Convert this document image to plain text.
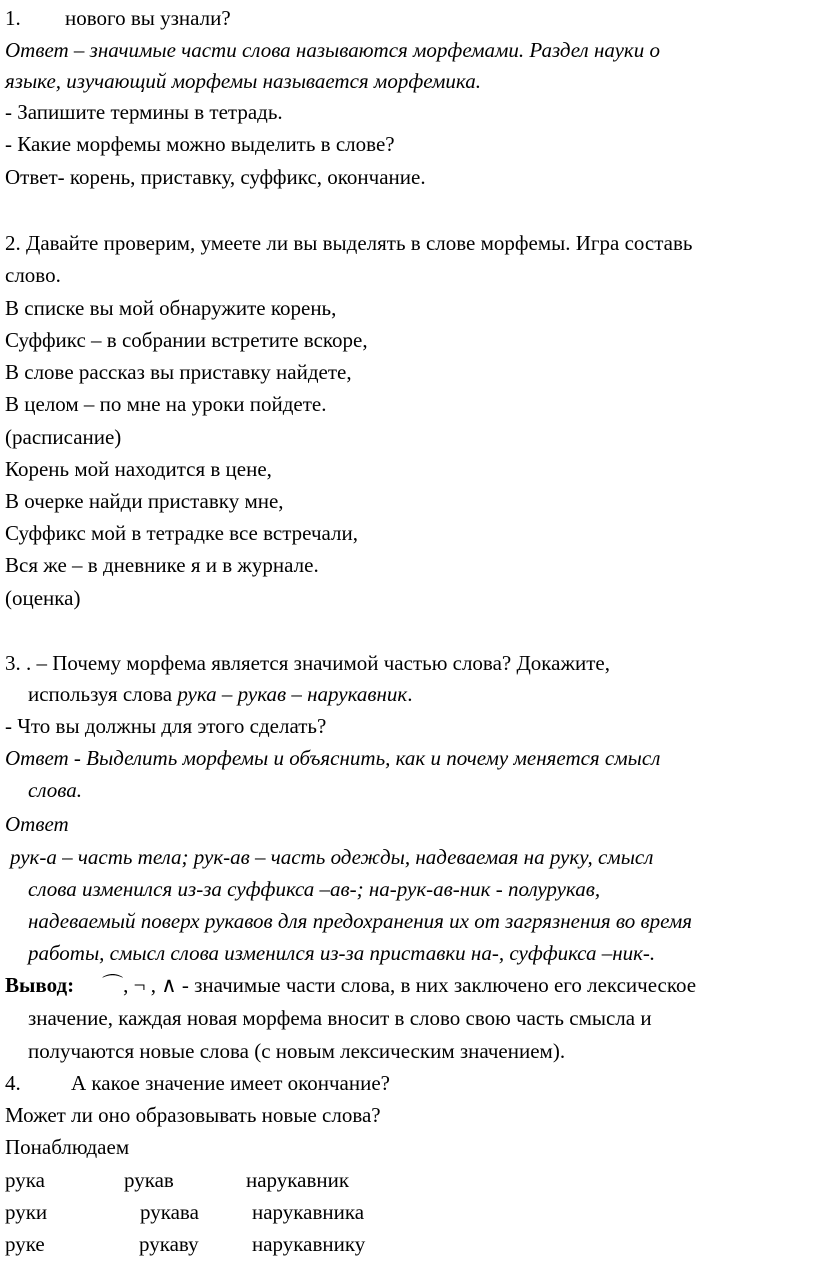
1. нового вы узнали?
Ответ – значимые части слова называются морфемами. Раздел науки о
языке, изучающий морфемы называется морфемика.
- Запишите термины в тетрадь.
- Какие морфемы можно выделить в слове?
Ответ- корень, приставку, суффикс, окончание.
2. Давайте проверим, умеете ли вы выделять в слове морфемы. Игра составь
слово.
В списке вы мой обнаружите корень,
Суффикс – в собрании встретите вскоре,
В слове рассказ вы приставку найдете,
В целом – по мне на уроки пойдете.
(расписание)
Корень мой находится в цене,
В очерке найди приставку мне,
Суффикс мой в тетрадке все встречали,
Вся же – в дневнике я и в журнале.
(оценка)
3. . – Почему морфема является значимой частью слова? Докажите,
используя слова рука – рукав – нарукавник.
- Что вы должны для этого сделать?
Ответ - Выделить морфемы и объяснить, как и почему меняется смысл
слова.
Ответ
рук-а – часть тела; рук-ав – часть одежды, надеваемая на руку, смысл
слова изменился из-за суффикса –ав-; на-рук-ав-ник - полурукав,
надеваемый поверх рукавов для предохранения их от загрязнения во время
работы, смысл слова изменился из-за приставки на-, суффикса –ник-.
Вывод: ⌒, ¬ , ∧ - значимые части слова, в них заключено его лексическое
значение, каждая новая морфема вносит в слово свою часть смысла и
получаются новые слова (с новым лексическим значением).
4. А какое значение имеет окончание?
Может ли оно образовывать новые слова?
Понаблюдаем
рука	рукав	нарукавник
руки	рукава	нарукавника
руке	рукаву	нарукавнику
